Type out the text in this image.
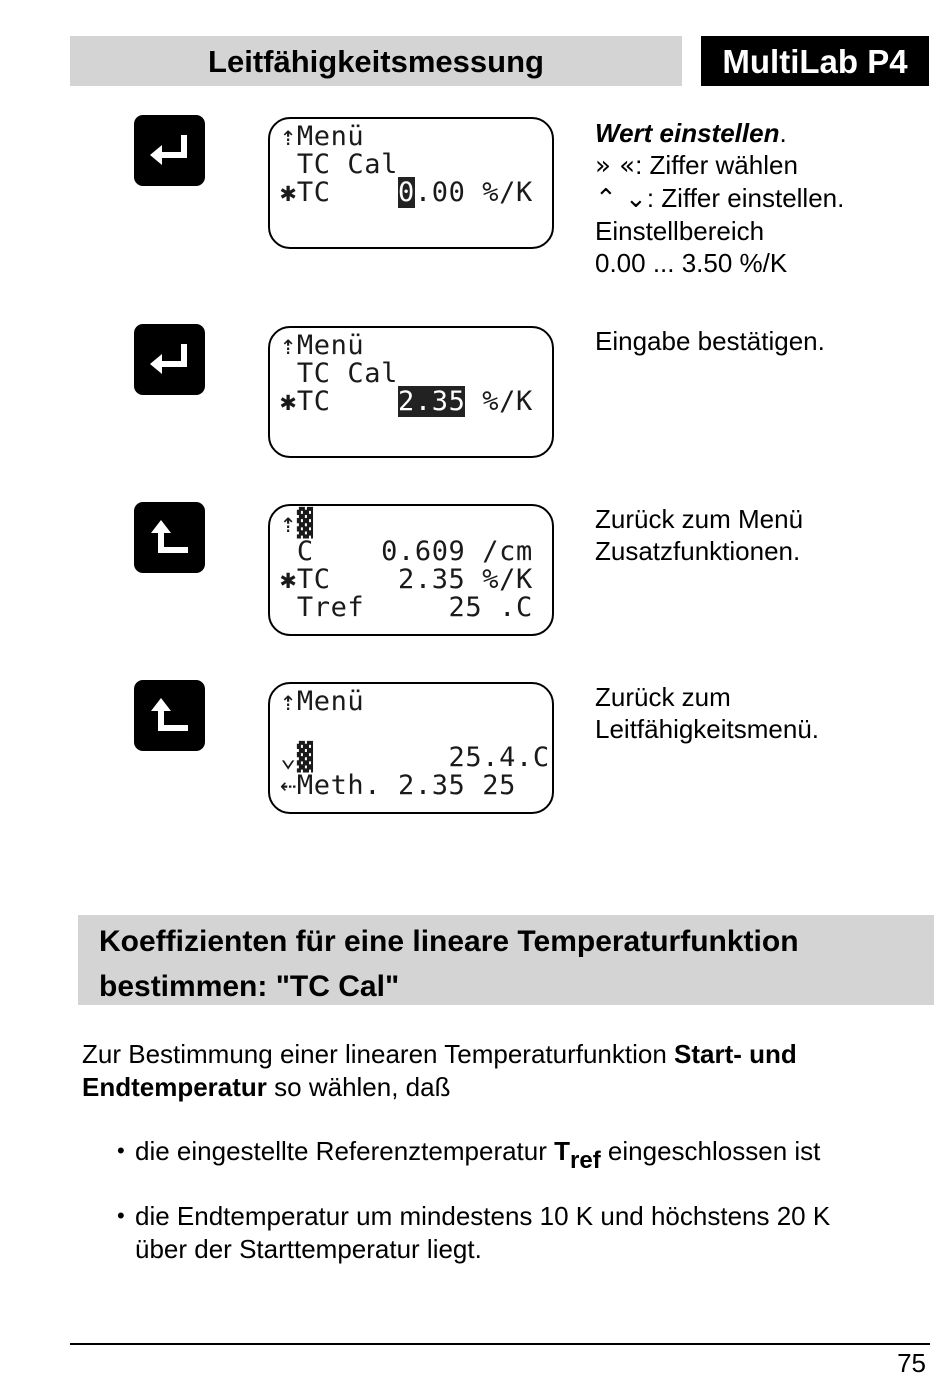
Leitfähigkeitsmessung	MultiLab P4
⇡Menü
TC Cal
✱TC    0.00 %/K

Wert einstellen.

» «: Ziffer wählen

⌃ ⌄: Ziffer einstellen.

Einstellbereich

0.00 ... 3.50 %/K

⇡Menü
TC Cal
✱TC    2.35 %/K

Eingabe bestätigen.

⇡▓
C    0.609 /cm
✱TC    2.35 %/K
Tref     25 .C

Zurück zum Menü

Zusatzfunktionen.

⇡Menü

⌄▓        25.4.C
⇠Meth. 2.35 25

Zurück zum

Leitfähigkeitsmenü.

Koeffizienten für eine lineare Temperaturfunktion
bestimmen: "TC Cal"
Zur Bestimmung einer linearen Temperaturfunktion Start- und
Endtemperatur so wählen, daß
• die eingestellte Referenztemperatur Tref eingeschlossen ist
• die Endtemperatur um mindestens 10 K und höchstens 20 K
über der Starttemperatur liegt.
75
